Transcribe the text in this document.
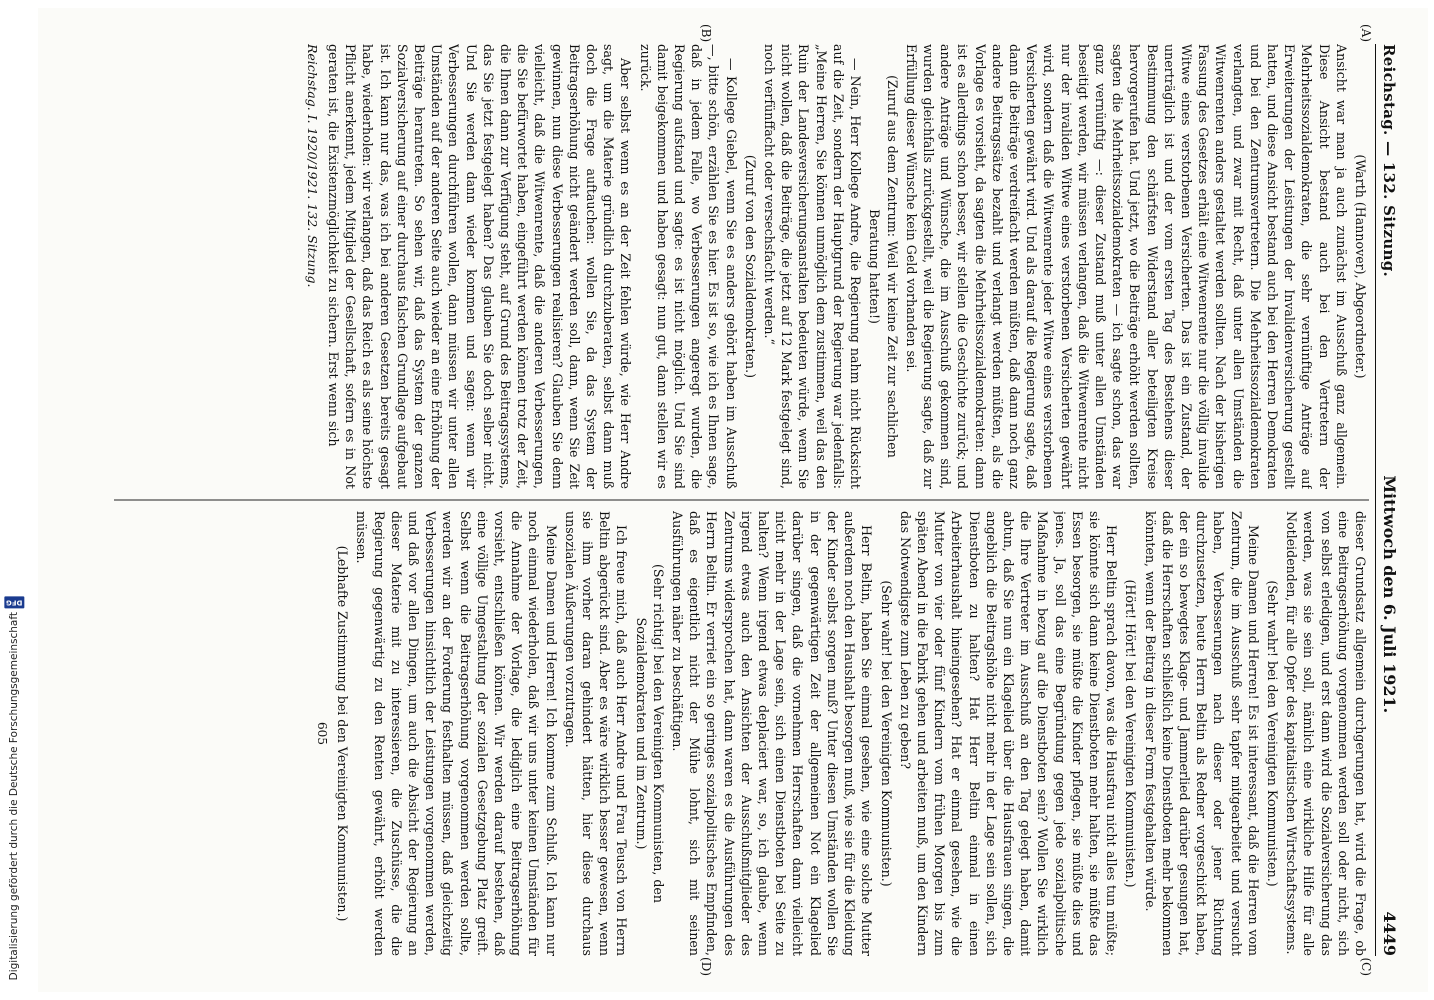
Reichstag. — 132. Sitzung.
Mittwoch den 6. Juli 1921.
4449

(Warth (Hannover), Abgeordneter.)

Ansicht war man ja auch zunächst im Ausschuß ganz allgemein. Diese Ansicht bestand auch bei den Vertretern der Mehrheitssozialdemokraten, die sehr vernünftige Anträge auf Erweiterungen der Leistungen der Invalidenversicherung gestellt hatten, und diese Ansicht bestand auch bei den Herren Demokraten und bei den Zentrumsvertretern. Die Mehrheitssozialdemokraten verlangten, und zwar mit Recht, daß unter allen Umständen die Witwenrenten anders gestaltet werden sollten. Nach der bisherigen Fassung des Gesetzes erhält eine Witwenrente nur die völlig invalide Witwe eines verstorbenen Versicherten. Das ist ein Zustand, der unerträglich ist und der vom ersten Tag des Bestehens dieser Bestimmung den schärfsten Widerstand aller beteiligten Kreise hervorgerufen hat. Und jetzt, wo die Beiträge erhöht werden sollten, sagten die Mehrheitssozialdemokraten — ich sagte schon, das war ganz vernünftig —: dieser Zustand muß unter allen Umständen beseitigt werden, wir müssen verlangen, daß die Witwenrente nicht nur der invaliden Witwe eines verstorbenen Versicherten gewährt wird, sondern daß die Witwenrente jeder Witwe eines verstorbenen Versicherten gewährt wird. Und als darauf die Regierung sagte, daß dann die Beiträge verdreifacht werden müßten, daß dann noch ganz andere Beitragssätze bezahlt und verlangt werden müßten, als die Vorlage es vorsieht, da sagten die Mehrheitssozialdemokraten: dann ist es allerdings schon besser, wir stellen die Geschichte zurück; und andere Anträge und Wünsche, die im Ausschuß gekommen sind, wurden gleichfalls zurückgestellt, weil die Regierung sagte, daß zur Erfüllung dieser Wünsche kein Geld vorhanden sei.

(Zuruf aus dem Zentrum: Weil wir keine Zeit zur sachlichen Beratung hatten!)

— Nein, Herr Kollege Andre, die Regierung nahm nicht Rücksicht auf die Zeit, sondern der Hauptgrund der Regierung war jedenfalls: „Meine Herren, Sie können unmöglich dem zustimmen, weil das den Ruin der Landesversicherungsanstalten bedeuten würde, wenn Sie nicht wollen, daß die Beiträge, die jetzt auf 12 Mark festgelegt sind, noch verfünffacht oder versechsfacht werden.“

(Zuruf von den Sozialdemokraten.)

— Kollege Giebel, wenn Sie es anders gehört haben im Ausschuß —, bitte schön, erzählen Sie es hier. Es ist so, wie ich es Ihnen sage, daß in jedem Falle, wo Verbesserungen angeregt wurden, die Regierung aufstand und sagte: es ist nicht möglich. Und Sie sind damit beigekommen und haben gesagt: nun gut, dann stellen wir es zurück.

Aber selbst wenn es an der Zeit fehlen würde, wie Herr Andre sagt, um die Materie gründlich durchzuberaten, selbst dann muß doch die Frage auftauchen: wollen Sie, da das System der Beitragserhöhung nicht geändert werden soll, dann, wenn Sie Zeit gewinnen, nun diese Verbesserungen realisieren? Glauben Sie denn vielleicht, daß die Witwenrente, daß die anderen Verbesserungen, die Sie befürwortet haben, eingeführt werden können trotz der Zeit, die Ihnen dann zur Verfügung steht, auf Grund des Beitragssystems, das Sie jetzt festgelegt haben? Das glauben Sie doch selber nicht. Und Sie werden dann wieder kommen und sagen: wenn wir Verbesserungen durchführen wollen, dann müssen wir unter allen Umständen auf der anderen Seite auch wieder an eine Erhöhung der Beiträge herantreten. So sehen wir, daß das System der ganzen Sozialversicherung auf einer durchaus falschen Grundlage aufgebaut ist. Ich kann nur das, was ich bei anderen Gesetzen bereits gesagt habe, wiederholen: wir verlangen, daß das Reich es als seine höchste Pflicht anerkennt, jedem Mitglied der Gesellschaft, sofern es in Not geraten ist, die Existenzmöglichkeit zu sichern. Erst wenn sich

Reichstag. I. 1920/1921. 132. Sitzung.

dieser Grundsatz allgemein durchgerungen hat, wird die Frage, ob eine Beitragserhöhung vorgenommen werden soll oder nicht, sich von selbst erledigen, und erst dann wird die Sozialversicherung das werden, was sie sein soll, nämlich eine wirkliche Hilfe für alle Notleidenden, für alle Opfer des kapitalistischen Wirtschaftssystems.

(Sehr wahr! bei den Vereinigten Kommunisten.)

Meine Damen und Herren! Es ist interessant, daß die Herren vom Zentrum, die im Ausschuß sehr tapfer mitgearbeitet und versucht haben, Verbesserungen nach dieser oder jener Richtung durchzusetzen, heute Herrn Beltin als Redner vorgeschickt haben, der ein so bewegtes Klage- und Jammerlied darüber gesungen hat, daß die Herrschaften schließlich keine Dienstboten mehr bekommen könnten, wenn der Beitrag in dieser Form festgehalten würde.

(Hört! Hört! bei den Vereinigten Kommunisten.)

Herr Beltin sprach davon, was die Hausfrau nicht alles tun müßte; sie könnte sich dann keine Dienstboten mehr halten, sie müßte das Essen besorgen, sie müßte die Kinder pflegen, sie müßte dies und jenes. Ja, soll das eine Begründung gegen jede sozialpolitische Maßnahme in bezug auf die Dienstboten sein? Wollen Sie wirklich die Ihre Vertreter im Ausschuß an den Tag gelegt haben, damit abtun, daß Sie nun ein Klagelied über die Hausfrauen singen, die angeblich die Beitragshöhe nicht mehr in der Lage sein sollen, sich Dienstboten zu halten? Hat Herr Beltin einmal in einen Arbeiterhaushalt hineingesehen? Hat er einmal gesehen, wie die Mutter von vier oder fünf Kindern vom frühen Morgen bis zum späten Abend in die Fabrik gehen und arbeiten muß, um den Kindern das Notwendigste zum Leben zu geben?

(Sehr wahr! bei den Vereinigten Kommunisten.)

Herr Beltin, haben Sie einmal gesehen, wie eine solche Mutter außerdem noch den Haushalt besorgen muß, wie sie für die Kleidung der Kinder selbst sorgen muß? Unter diesen Umständen wollen Sie in der gegenwärtigen Zeit der allgemeinen Not ein Klagelied darüber singen, daß die vornehmen Herrschaften dann vielleicht nicht mehr in der Lage sein, sich einen Dienstboten bei Seite zu halten? Wenn irgend etwas deplaciert war, so, ich glaube, wenn irgend etwas auch den Ansichten der Ausschußmitglieder des Zentrums widersprochen hat, dann waren es die Ausführungen des Herrn Beltin. Er verriet ein so geringes sozialpolitisches Empfinden, daß es eigentlich nicht der Mühe lohnt, sich mit seinen Ausführungen näher zu beschäftigen.

(Sehr richtig! bei den Vereinigten Kommunisten, den Sozialdemokraten und im Zentrum.)

Ich freue mich, daß auch Herr Andre und Frau Teusch von Herrn Beltin abgerückt sind. Aber es wäre wirklich besser gewesen, wenn sie ihm vorher daran gehindert hätten, hier diese durchaus unsozialen Äußerungen vorzutragen.

Meine Damen und Herren! Ich komme zum Schluß. Ich kann nur noch einmal wiederholen, daß wir uns unter keinen Umständen für die Annahme der Vorlage, die lediglich eine Beitragserhöhung vorsieht, entschließen können. Wir werden darauf bestehen, daß eine völlige Umgestaltung der sozialen Gesetzgebung Platz greift. Selbst wenn die Beitragserhöhung vorgenommen werden sollte, werden wir an der Forderung festhalten müssen, daß gleichzeitig Verbesserungen hinsichtlich der Leistungen vorgenommen werden, und daß vor allen Dingen, um auch die Absicht der Regierung an dieser Materie mit zu interessieren, die Zuschüsse, die die Regierung gegenwärtig zu den Renten gewährt, erhöht werden müssen.

(Lebhafte Zustimmung bei den Vereinigten Kommunisten.)

605
(A)
(B)
(C)
(D)
Digitalisierung gefördert durch die Deutsche Forschungsgemeinschaft
DFG
